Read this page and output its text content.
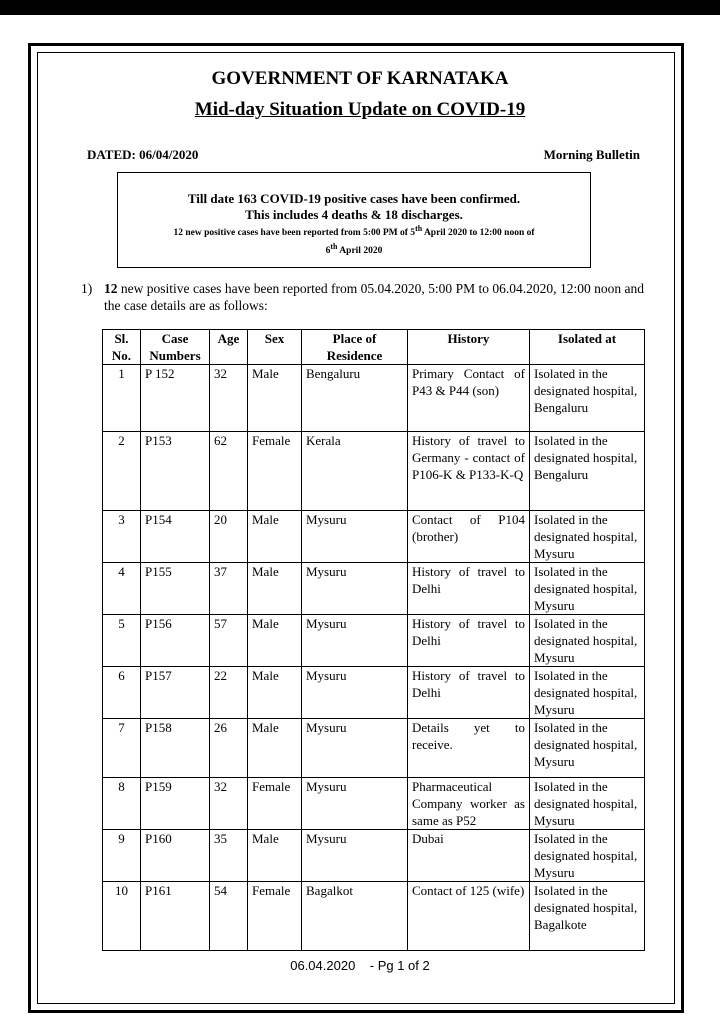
GOVERNMENT OF KARNATAKA
Mid-day Situation Update on COVID-19
DATED: 06/04/2020	Morning Bulletin
Till date 163 COVID-19 positive cases have been confirmed.
This includes 4 deaths & 18 discharges.
12 new positive cases have been reported from 5:00 PM of 5th April 2020 to 12:00 noon of
6th April 2020
1) 12 new positive cases have been reported from 05.04.2020, 5:00 PM to 06.04.2020, 12:00 noon and the case details are as follows:
Sl. No.	Case Numbers	Age	Sex	Place of Residence	History	Isolated at
1	P 152	32	Male	Bengaluru	Primary Contact of P43 & P44 (son)	Isolated in the designated hospital, Bengaluru
2	P153	62	Female	Kerala	History of travel to Germany - contact of P106-K & P133-K-Q	Isolated in the designated hospital, Bengaluru
3	P154	20	Male	Mysuru	Contact of P104 (brother)	Isolated in the designated hospital, Mysuru
4	P155	37	Male	Mysuru	History of travel to Delhi	Isolated in the designated hospital, Mysuru
5	P156	57	Male	Mysuru	History of travel to Delhi	Isolated in the designated hospital, Mysuru
6	P157	22	Male	Mysuru	History of travel to Delhi	Isolated in the designated hospital, Mysuru
7	P158	26	Male	Mysuru	Details yet to receive.	Isolated in the designated hospital, Mysuru
8	P159	32	Female	Mysuru	Pharmaceutical Company worker as same as P52	Isolated in the designated hospital, Mysuru
9	P160	35	Male	Mysuru	Dubai	Isolated in the designated hospital, Mysuru
10	P161	54	Female	Bagalkot	Contact of 125 (wife)	Isolated in the designated hospital, Bagalkote
06.04.2020 - Pg 1 of 2
